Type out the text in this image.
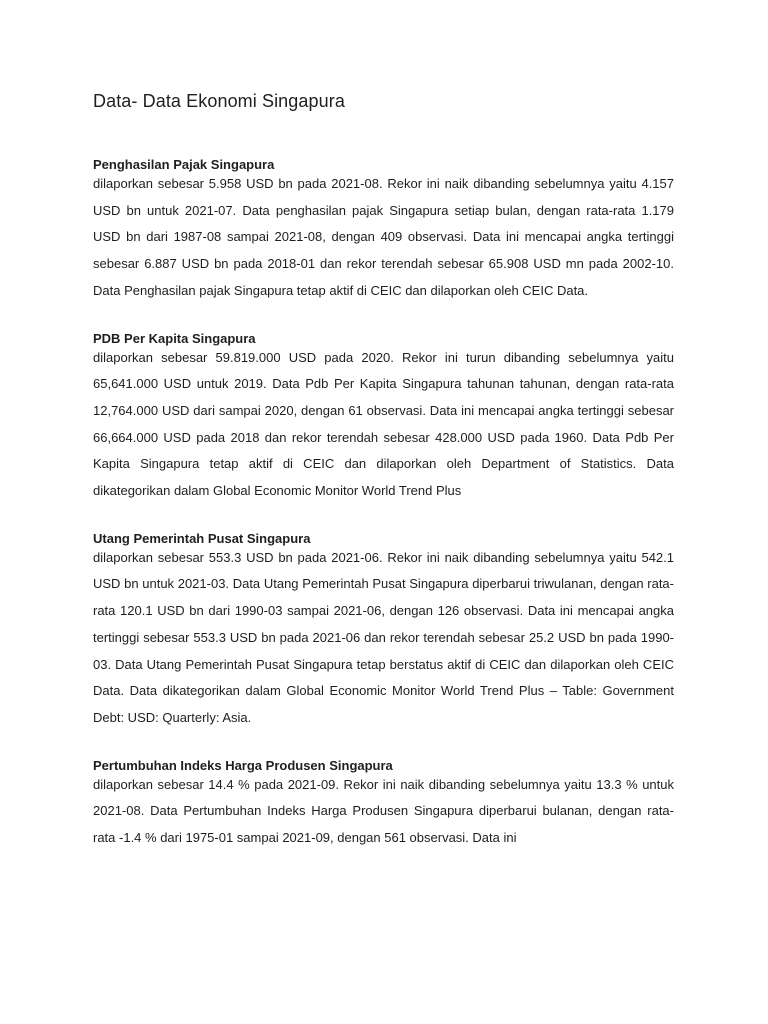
Data- Data Ekonomi Singapura
Penghasilan Pajak Singapura
dilaporkan sebesar 5.958 USD bn pada 2021-08. Rekor ini naik dibanding sebelumnya yaitu 4.157 USD bn untuk 2021-07. Data penghasilan pajak Singapura setiap bulan, dengan rata-rata 1.179 USD bn dari 1987-08 sampai 2021-08, dengan 409 observasi. Data ini mencapai angka tertinggi sebesar 6.887 USD bn pada 2018-01 dan rekor terendah sebesar 65.908 USD mn pada 2002-10. Data Penghasilan pajak Singapura tetap aktif di CEIC dan dilaporkan oleh CEIC Data.
PDB Per Kapita Singapura
dilaporkan sebesar 59.819.000 USD pada 2020. Rekor ini turun dibanding sebelumnya yaitu 65,641.000 USD untuk 2019. Data Pdb Per Kapita Singapura tahunan tahunan, dengan rata-rata 12,764.000 USD dari sampai 2020, dengan 61 observasi. Data ini mencapai angka tertinggi sebesar 66,664.000 USD pada 2018 dan rekor terendah sebesar 428.000 USD pada 1960. Data Pdb Per Kapita Singapura tetap aktif di CEIC dan dilaporkan oleh Department of Statistics. Data dikategorikan dalam Global Economic Monitor World Trend Plus
Utang Pemerintah Pusat Singapura
dilaporkan sebesar 553.3 USD bn pada 2021-06. Rekor ini naik dibanding sebelumnya yaitu 542.1 USD bn untuk 2021-03. Data Utang Pemerintah Pusat Singapura diperbarui triwulanan, dengan rata-rata 120.1 USD bn dari 1990-03 sampai 2021-06, dengan 126 observasi. Data ini mencapai angka tertinggi sebesar 553.3 USD bn pada 2021-06 dan rekor terendah sebesar 25.2 USD bn pada 1990-03. Data Utang Pemerintah Pusat Singapura tetap berstatus aktif di CEIC dan dilaporkan oleh CEIC Data. Data dikategorikan dalam Global Economic Monitor World Trend Plus – Table: Government Debt: USD: Quarterly: Asia.
Pertumbuhan Indeks Harga Produsen Singapura
dilaporkan sebesar 14.4 % pada 2021-09. Rekor ini naik dibanding sebelumnya yaitu 13.3 % untuk 2021-08. Data Pertumbuhan Indeks Harga Produsen Singapura diperbarui bulanan, dengan rata-rata -1.4 % dari 1975-01 sampai 2021-09, dengan 561 observasi. Data ini
